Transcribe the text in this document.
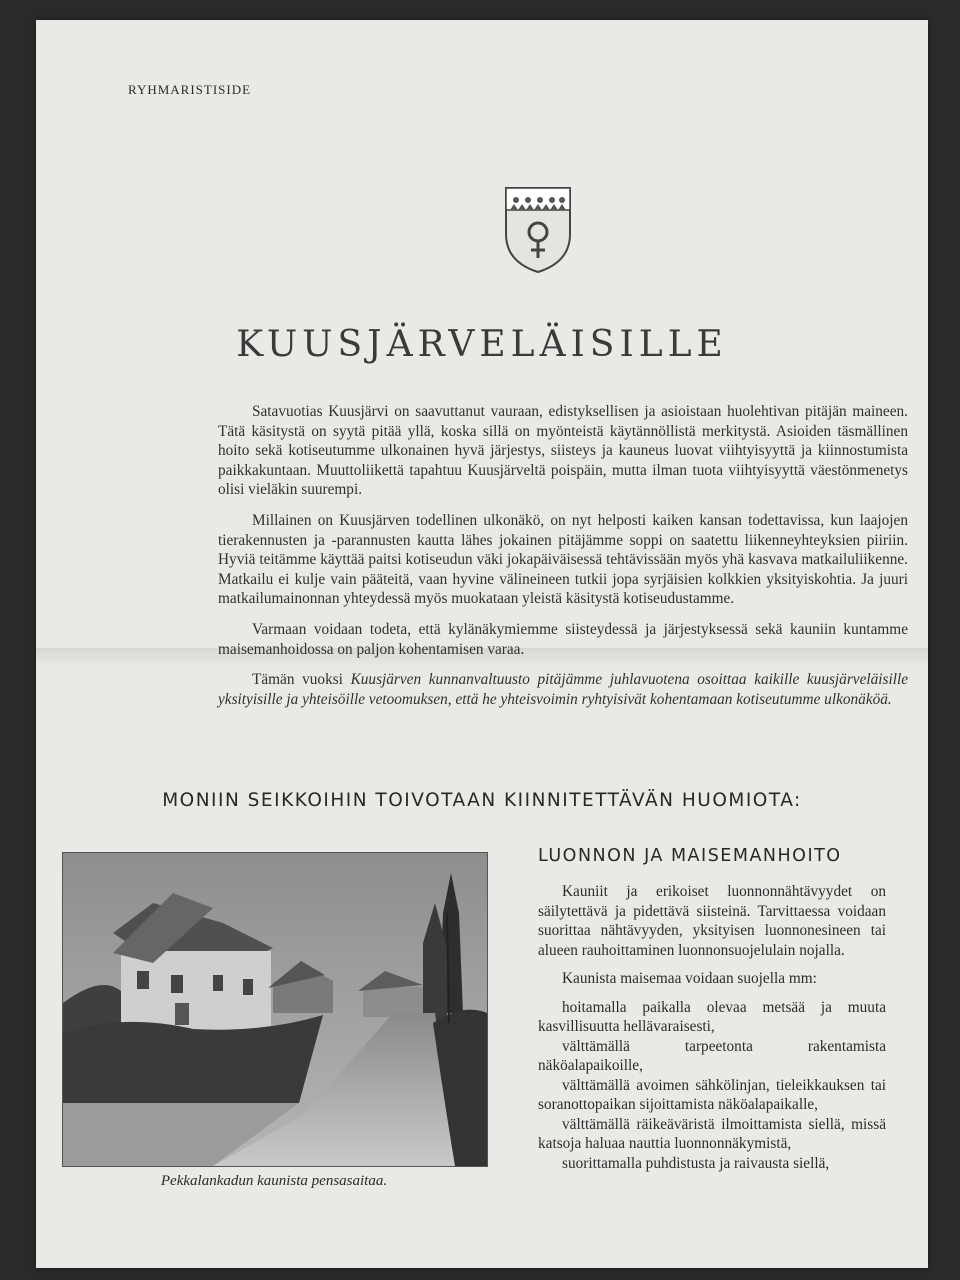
RYHMARISTISIDE
KUUSJÄRVELÄISILLE

Satavuotias Kuusjärvi on saavuttanut vauraan, edistyksellisen ja asioistaan huolehtivan pitäjän maineen. Tätä käsitystä on syytä pitää yllä, koska sillä on myönteistä käytännöllistä merkitystä. Asioiden täsmällinen hoito sekä kotiseutumme ulkonainen hyvä järjestys, siisteys ja kauneus luovat viihtyisyyttä ja kiinnostumista paikkakuntaan. Muuttoliikettä tapahtuu Kuusjärveltä poispäin, mutta ilman tuota viihtyisyyttä väestönmenetys olisi vieläkin suurempi.

Millainen on Kuusjärven todellinen ulkonäkö, on nyt helposti kaiken kansan todettavissa, kun laajojen tierakennusten ja -parannusten kautta lähes jokainen pitäjämme soppi on saatettu liikenneyhteyksien piiriin. Hyviä teitämme käyttää paitsi kotiseudun väki jokapäiväisessä tehtävissään myös yhä kasvava matkailuliikenne. Matkailu ei kulje vain pääteitä, vaan hyvine välineineen tutkii jopa syrjäisien kolkkien yksityiskohtia. Ja juuri matkailumainonnan yhteydessä myös muokataan yleistä käsitystä kotiseudustamme.

Varmaan voidaan todeta, että kylänäkymiemme siisteydessä ja järjestyksessä sekä kauniin kuntamme maisemanhoidossa on paljon kohentamisen varaa.

Tämän vuoksi Kuusjärven kunnanvaltuusto pitäjämme juhlavuotena osoittaa kaikille kuusjärveläisille yksityisille ja yhteisöille vetoomuksen, että he yhteisvoimin ryhtyisivät kohentamaan kotiseutumme ulkonäköä.

MONIIN SEIKKOIHIN TOIVOTAAN KIINNITETTÄVÄN HUOMIOTA:
Pekkalankadun kaunista pensasaitaa.
LUONNON JA MAISEMANHOITO

Kauniit ja erikoiset luonnonnähtävyydet on säilytettävä ja pidettävä siisteinä. Tarvittaessa voidaan suorittaa nähtävyyden, yksityisen luonnonesineen tai alueen rauhoittaminen luonnonsuojelulain nojalla.

Kaunista maisemaa voidaan suojella mm:

hoitamalla paikalla olevaa metsää ja muuta kasvillisuutta hellävaraisesti,
välttämällä tarpeetonta rakentamista näköalapaikoille,
välttämällä avoimen sähkölinjan, tieleikkauksen tai soranottopaikan sijoittamista näköalapaikalle,
välttämällä räikeäväristä ilmoittamista siellä, missä katsoja haluaa nauttia luonnonnäkymistä,
suorittamalla puhdistusta ja raivausta siellä,
